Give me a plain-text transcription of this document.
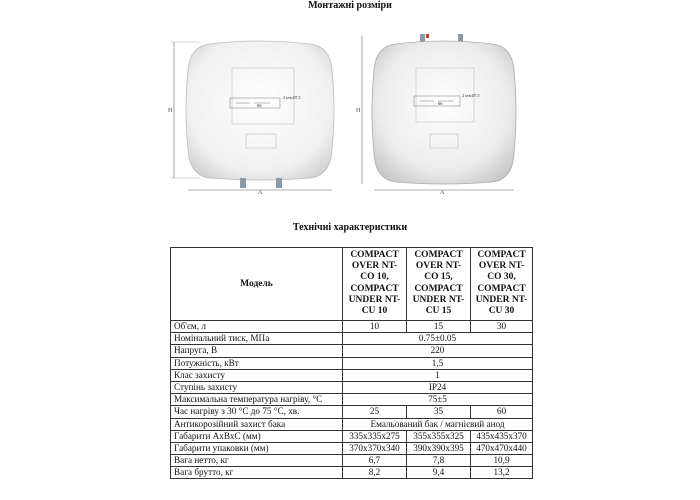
Монтажні розміри
H
66
2 отв.Ø7,5
A
H
66
2 отв.Ø7,5
A
Технічні характеристики
Модель	COMPACT OVER NT-CO 10, COMPACT UNDER NT-CU 10	COMPACT OVER NT-CO 15, COMPACT UNDER NT-CU 15	COMPACT OVER NT-CO 30, COMPACT UNDER NT-CU 30
Об'єм, л	10	15	30
Номінальний тиск, МПа	0.75±0.05		
Напруга, В	220		
Потужність, кВт	1,5		
Клас захисту	1		
Ступінь захисту	IP24		
Максимальна температура нагріву, °С	75±5		
Час нагріву з 30 °С до 75 °С, хв.	25	35	60
Антикорозійний захист бака	Емальований бак / магнієвий анод		
Габарити АхВхС (мм)	335x335x275	355x355x325	435x435x370
Габарити упаковки (мм)	370x370x340	390x390x395	470x470x440
Вага нетто, кг	6,7	7,8	10,9
Вага брутто, кг	8,2	9,4	13,2
